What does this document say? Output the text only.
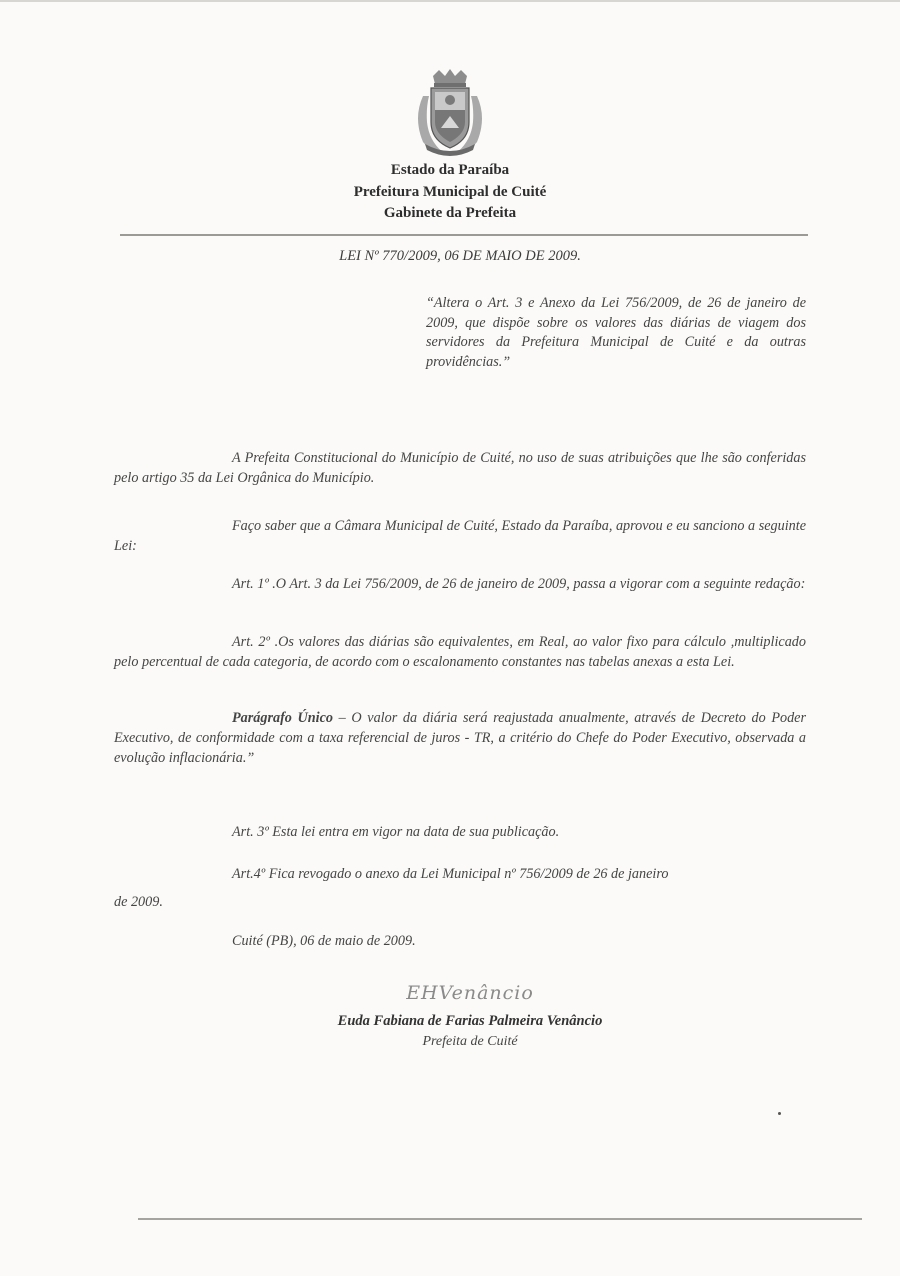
Estado da Paraíba
Prefeitura Municipal de Cuité
Gabinete da Prefeita
LEI Nº 770/2009, 06 DE MAIO DE 2009.
“Altera o Art. 3 e Anexo da Lei 756/2009, de 26 de janeiro de 2009, que dispõe sobre os valores das diárias de viagem dos servidores da Prefeitura Municipal de Cuité e da outras providências.”
A Prefeita Constitucional do Município de Cuité, no uso de suas atribuições que lhe são conferidas pelo artigo 35 da Lei Orgânica do Município.
Faço saber que a Câmara Municipal de Cuité, Estado da Paraíba, aprovou e eu sanciono a seguinte Lei:
Art. 1º .O Art. 3 da Lei 756/2009, de 26 de janeiro de 2009, passa a vigorar com a seguinte redação:
Art. 2º .Os valores das diárias são equivalentes, em Real, ao valor fixo para cálculo ,multiplicado pelo percentual de cada categoria, de acordo com o escalonamento constantes nas tabelas anexas a esta Lei.
Parágrafo Único – O valor da diária será reajustada anualmente, através de Decreto do Poder Executivo, de conformidade com a taxa referencial de juros - TR, a critério do Chefe do Poder Executivo, observada a evolução inflacionária.”
Art. 3º Esta lei entra em vigor na data de sua publicação.
Art.4º Fica revogado o anexo da Lei Municipal nº 756/2009 de 26 de janeiro
de 2009.
Cuité (PB), 06 de maio de 2009.
EHVenâncio
Euda Fabiana de Farias Palmeira Venâncio
Prefeita de Cuité
